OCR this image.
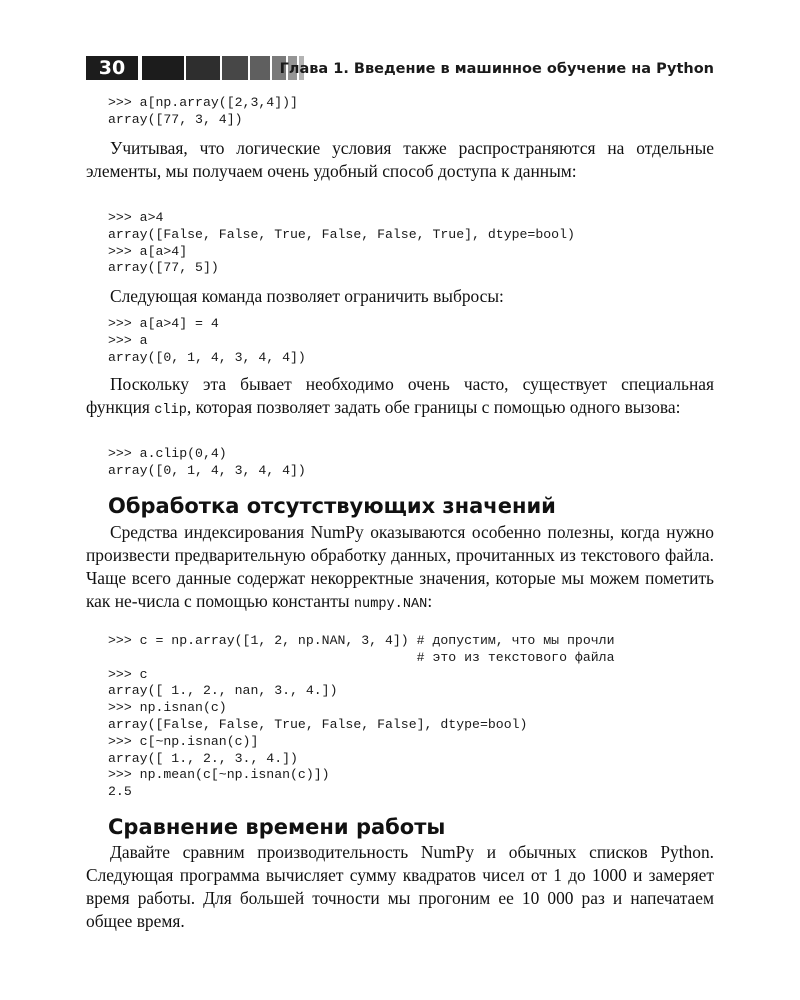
30	Глава 1. Введение в машинное обучение на Python
>>> a[np.array([2,3,4])]
array([77, 3, 4])

Учитывая, что логические условия также распространяются на отдельные элементы, мы получаем очень удобный способ доступа к данным:

>>> a>4
array([False, False, True, False, False, True], dtype=bool)
>>> a[a>4]
array([77, 5])

Следующая команда позволяет ограничить выбросы:

>>> a[a>4] = 4
>>> a
array([0, 1, 4, 3, 4, 4])

Поскольку эта бывает необходимо очень часто, существует специальная функция clip, которая позволяет задать обе границы с помощью одного вызова:

>>> a.clip(0,4)
array([0, 1, 4, 3, 4, 4])
Обработка отсутствующих значений

Средства индексирования NumPy оказываются особенно полезны, когда нужно произвести предварительную обработку данных, прочитанных из текстового файла. Чаще всего данные содержат некорректные значения, которые мы можем пометить как не-числа с помощью константы numpy.NAN:

>>> c = np.array([1, 2, np.NAN, 3, 4]) # допустим, что мы прочли
# это из текстового файла
>>> c
array([ 1., 2., nan, 3., 4.])
>>> np.isnan(c)
array([False, False, True, False, False], dtype=bool)
>>> c[~np.isnan(c)]
array([ 1., 2., 3., 4.])
>>> np.mean(c[~np.isnan(c)])
2.5
Сравнение времени работы

Давайте сравним производительность NumPy и обычных списков Python. Следующая программа вычисляет сумму квадратов чисел от 1 до 1000 и замеряет время работы. Для большей точности мы прогоним ее 10 000 раз и напечатаем общее время.
